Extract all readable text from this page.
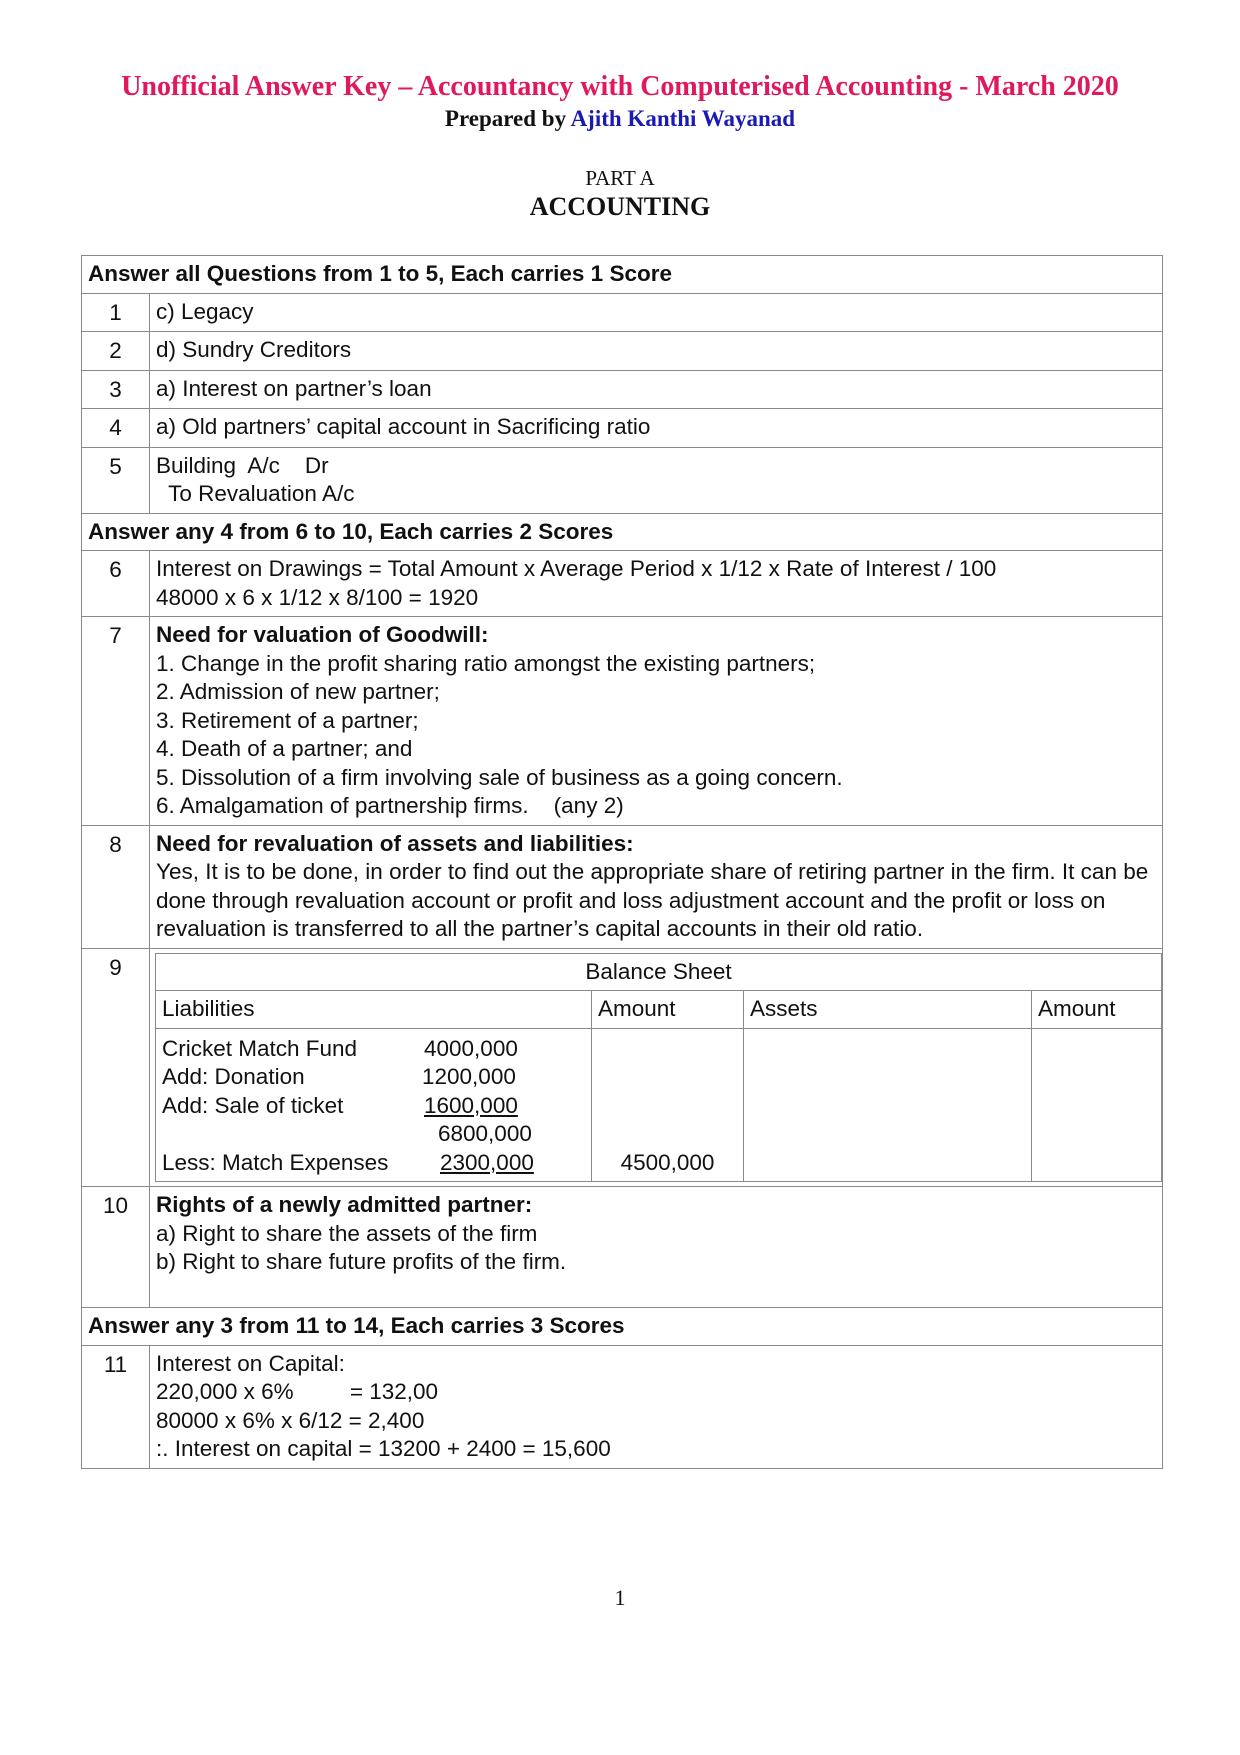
Unofficial Answer Key – Accountancy with Computerised Accounting - March 2020
Prepared by Ajith Kanthi Wayanad
PART A
ACCOUNTING
Answer all Questions from 1 to 5, Each carries 1 Score
1	c) Legacy
2	d) Sundry Creditors
3	a) Interest on partner’s loan
4	a) Old partners’ capital account in Sacrificing ratio
5	Building  A/c    Dr
To Revaluation A/c

Answer any 4 from 6 to 10, Each carries 2 Scores
6	Interest on Drawings = Total Amount x Average Period x 1/12 x Rate of Interest / 100
48000 x 6 x 1/12 x 8/100 = 1920

7	Need for valuation of Goodwill:
1. Change in the profit sharing ratio amongst the existing partners;
2. Admission of new partner;
3. Retirement of a partner;
4. Death of a partner; and
5. Dissolution of a firm involving sale of business as a going concern.
6. Amalgamation of partnership firms.    (any 2)

8	Need for revaluation of assets and liabilities:
Yes, It is to be done, in order to find out the appropriate share of retiring partner in the firm. It can be done through revaluation account or profit and loss adjustment account and the profit or loss on revaluation is transferred to all the partner’s capital accounts in their old ratio.

9		Balance Sheet
Liabilities	Amount	Assets	Amount

Cricket Match Fund	4000,000
Add: Donation	1200,000
Add: Sale of ticket	1600,000
6800,000
Less: Match Expenses	2300,000	4500,000		

10	Rights of a newly admitted partner:
a) Right to share the assets of the firm
b) Right to share future profits of the firm.

Answer any 3 from 11 to 14, Each carries 3 Scores
11	Interest on Capital:
220,000 x 6%         = 132,00
80000 x 6% x 6/12 = 2,400
:. Interest on capital = 13200 + 2400 = 15,600
1
